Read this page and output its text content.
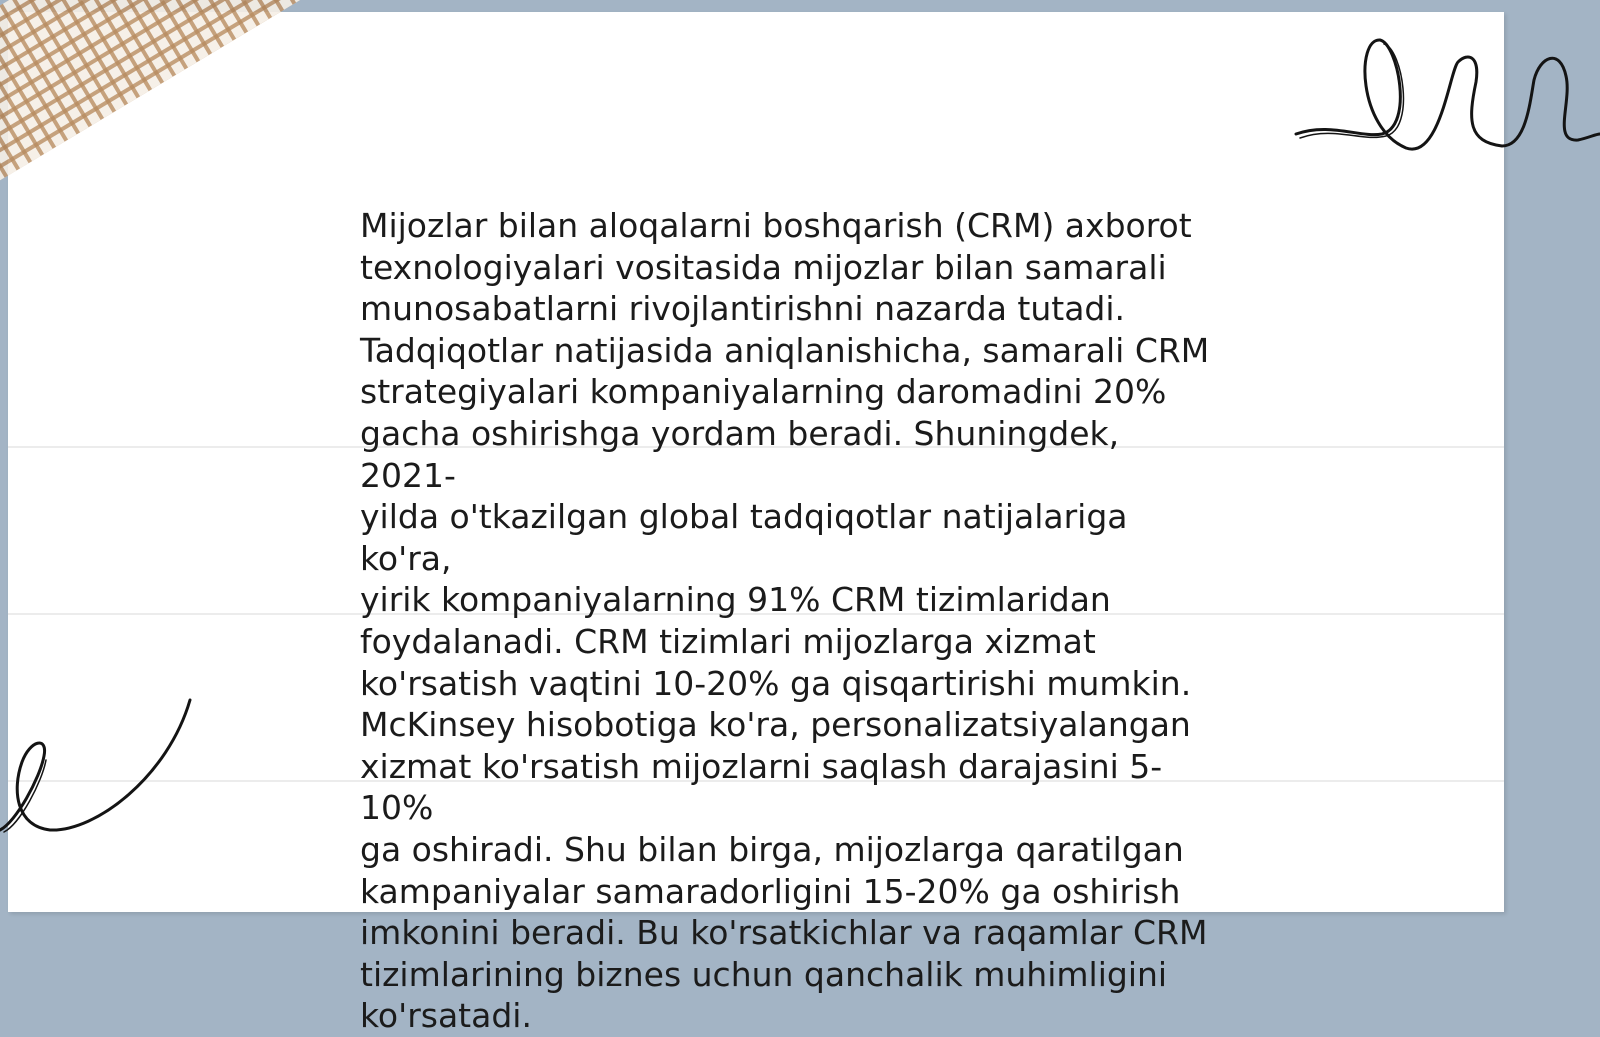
Mijozlar bilan aloqalarni boshqarish (CRM) axborot
texnologiyalari vositasida mijozlar bilan samarali
munosabatlarni rivojlantirishni nazarda tutadi.
Tadqiqotlar natijasida aniqlanishicha, samarali CRM
strategiyalari kompaniyalarning daromadini 20%
gacha oshirishga yordam beradi. Shuningdek, 2021-
yilda o'tkazilgan global tadqiqotlar natijalariga ko'ra,
yirik kompaniyalarning 91% CRM tizimlaridan
foydalanadi. CRM tizimlari mijozlarga xizmat
ko'rsatish vaqtini 10-20% ga qisqartirishi mumkin.
McKinsey hisobotiga ko'ra, personalizatsiyalangan
xizmat ko'rsatish mijozlarni saqlash darajasini 5-10%
ga oshiradi. Shu bilan birga, mijozlarga qaratilgan
kampaniyalar samaradorligini 15-20% ga oshirish
imkonini beradi. Bu ko'rsatkichlar va raqamlar CRM
tizimlarining biznes uchun qanchalik muhimligini
ko'rsatadi.
